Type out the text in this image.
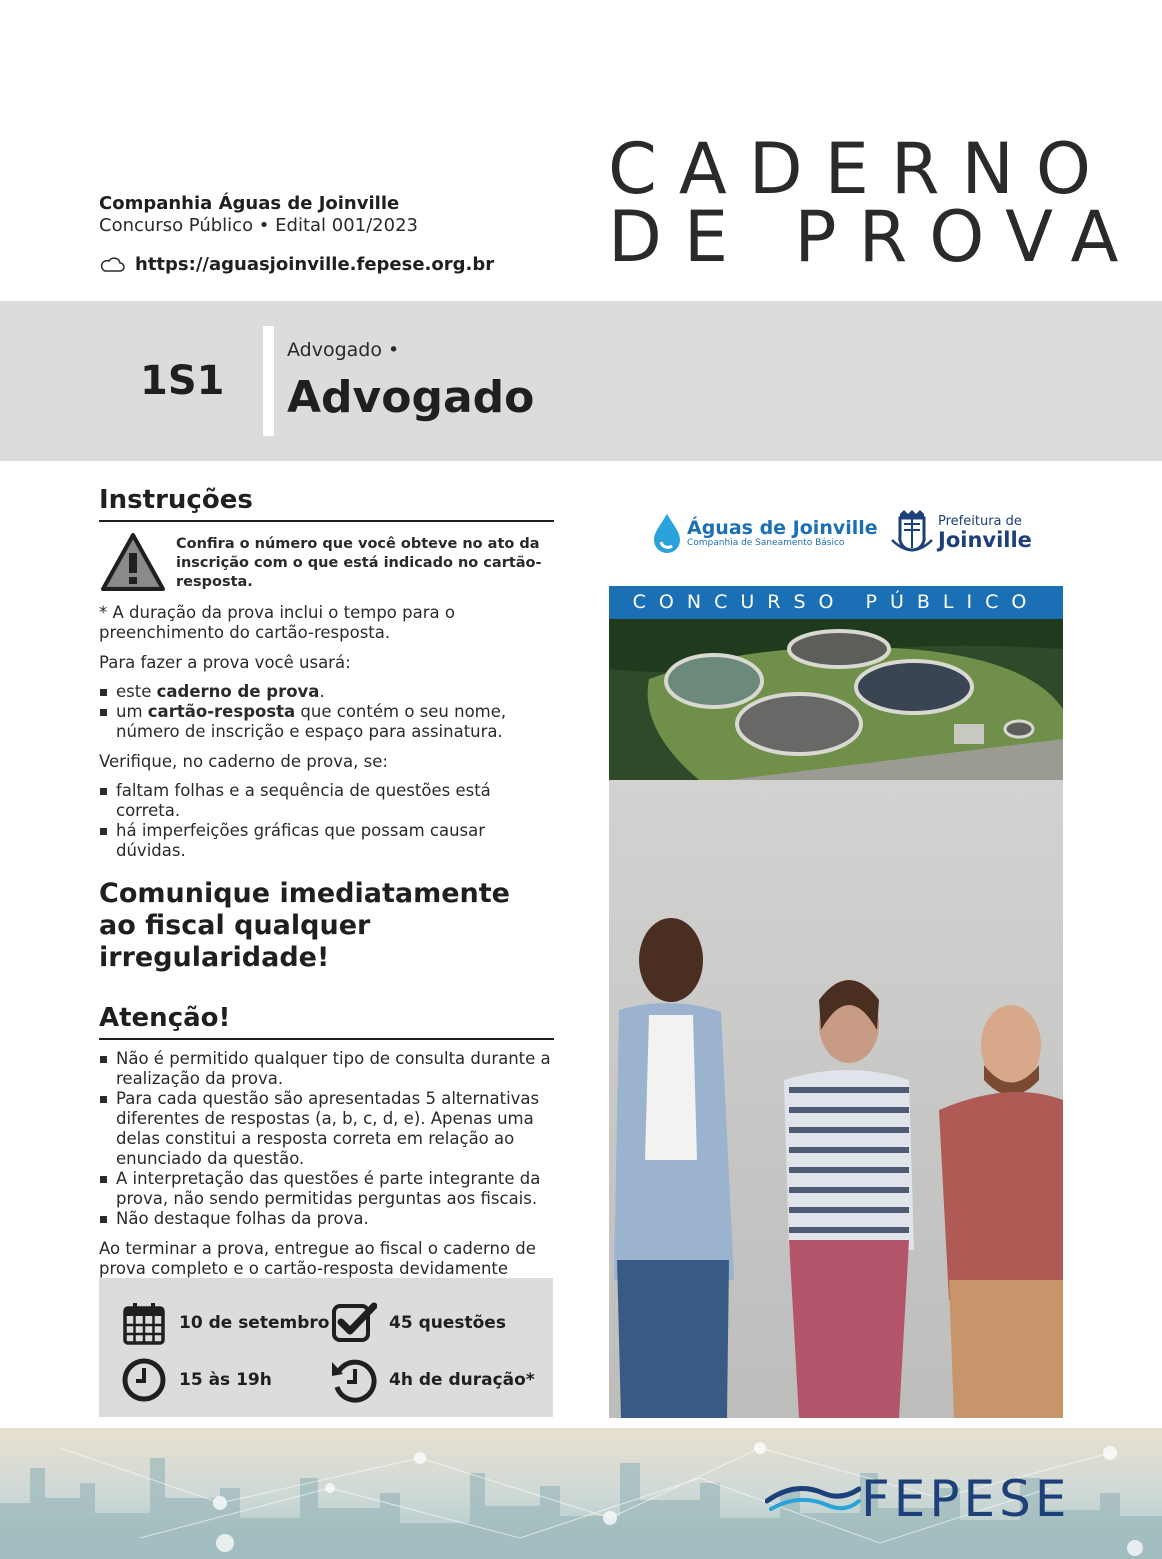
Companhia Águas de Joinville
Concurso Público • Edital 001/2023
https://aguasjoinville.fepese.org.br
CADERNO
DE PROVA
1S1
Advogado •
Advogado
Instruções
Confira o número que você obteve no ato da inscrição com o que está indicado no cartão-resposta.
* A duração da prova inclui o tempo para o preenchimento do cartão-resposta.
Para fazer a prova você usará:
este caderno de prova.
um cartão-resposta que contém o seu nome, número de inscrição e espaço para assinatura.
Verifique, no caderno de prova, se:
faltam folhas e a sequência de questões está correta.
há imperfeições gráficas que possam causar dúvidas.
Comunique imediatamente ao fiscal qualquer irregularidade!
Atenção!
Não é permitido qualquer tipo de consulta durante a realização da prova.
Para cada questão são apresentadas 5 alternativas diferentes de respostas (a, b, c, d, e). Apenas uma delas constitui a resposta correta em relação ao enunciado da questão.
A interpretação das questões é parte integrante da prova, não sendo permitidas perguntas aos fiscais.
Não destaque folhas da prova.
Ao terminar a prova, entregue ao fiscal o caderno de prova completo e o cartão-resposta devidamente
10 de setembro	45 questões
15 às 19h	4h de duração*
Águas de Joinville
Companhia de Saneamento Básico
Prefeitura de
Joinville
CONCURSO PÚBLICO
FEPESE
